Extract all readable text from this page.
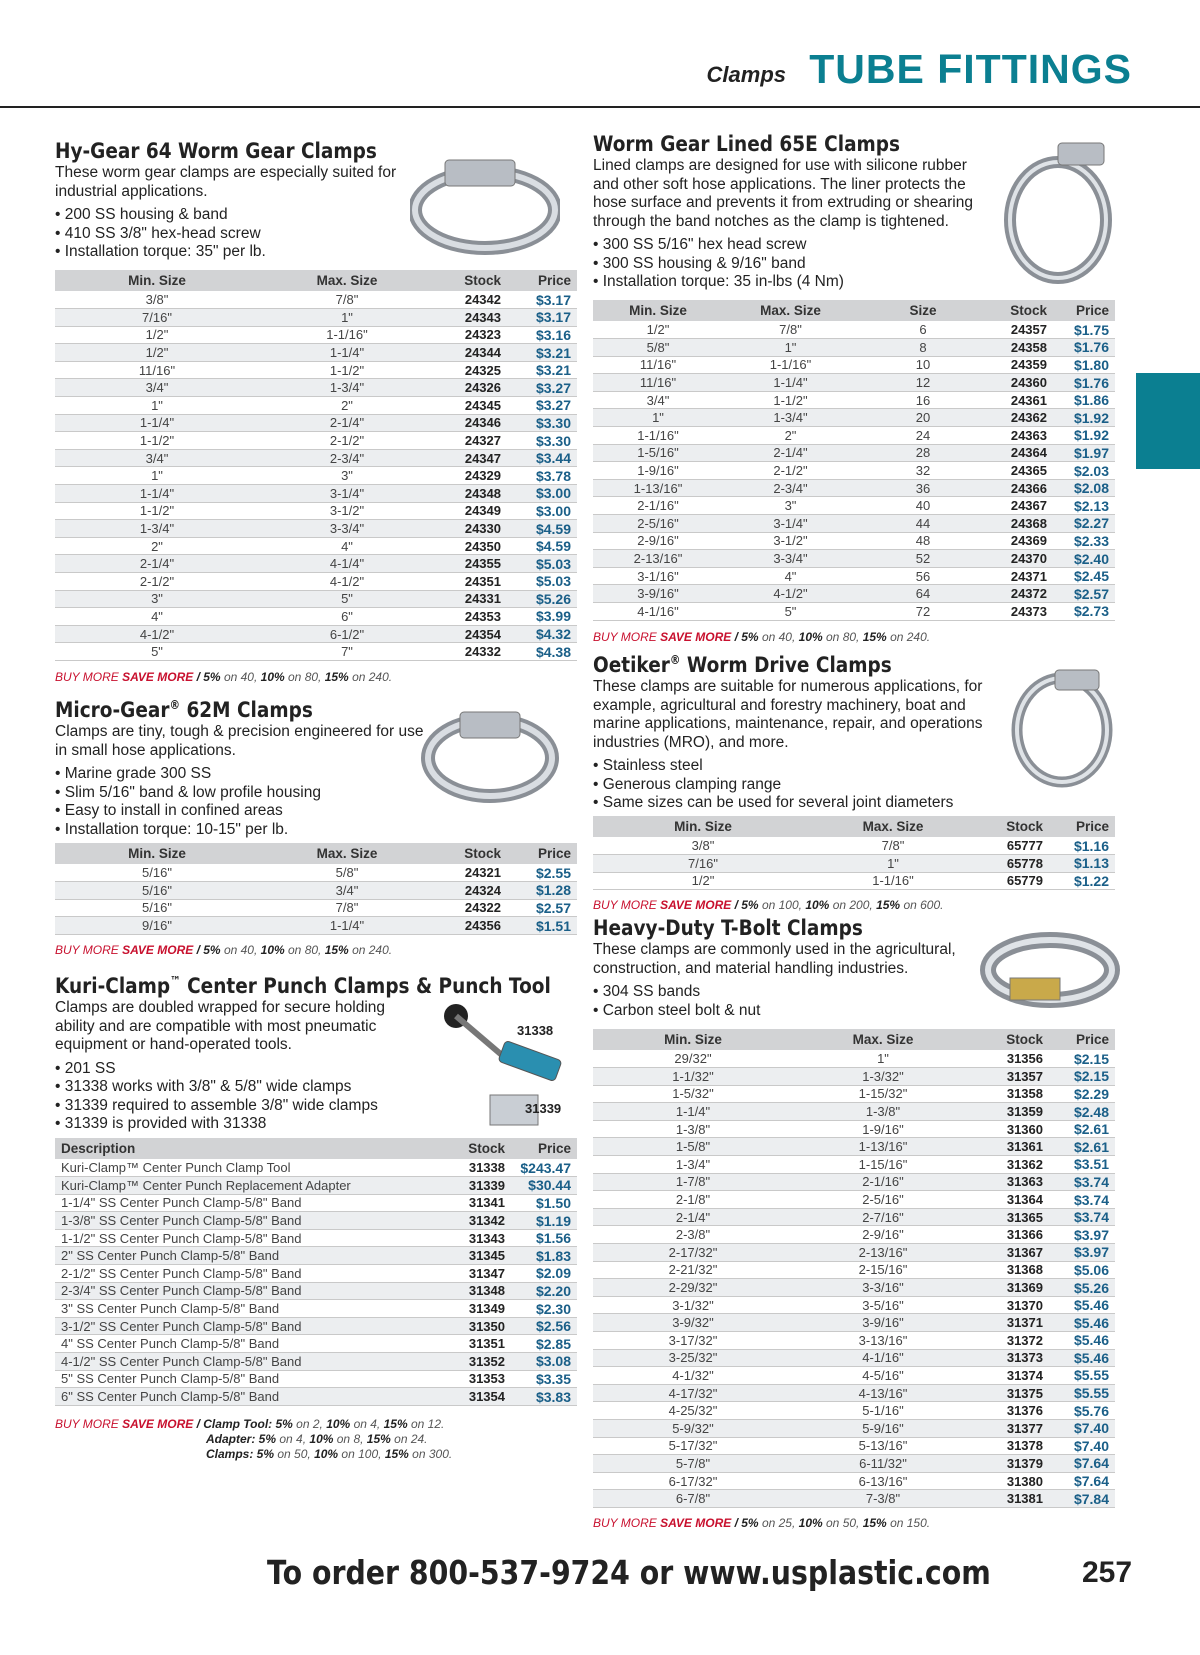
Clamps TUBE FITTINGS
Hy-Gear 64 Worm Gear Clamps

These worm gear clamps are especially suited for industrial applications.

• 200 SS housing & band
• 410 SS 3/8" hex-head screw
• Installation torque: 35" per lb.
Min. Size	Max. Size	Stock	Price
3/8"	7/8"	24342	$3.17
7/16"	1"	24343	$3.17
1/2"	1-1/16"	24323	$3.16
1/2"	1-1/4"	24344	$3.21
11/16"	1-1/2"	24325	$3.21
3/4"	1-3/4"	24326	$3.27
1"	2"	24345	$3.27
1-1/4"	2-1/4"	24346	$3.30
1-1/2"	2-1/2"	24327	$3.30
3/4"	2-3/4"	24347	$3.44
1"	3"	24329	$3.78
1-1/4"	3-1/4"	24348	$3.00
1-1/2"	3-1/2"	24349	$3.00
1-3/4"	3-3/4"	24330	$4.59
2"	4"	24350	$4.59
2-1/4"	4-1/4"	24355	$5.03
2-1/2"	4-1/2"	24351	$5.03
3"	5"	24331	$5.26
4"	6"	24353	$3.99
4-1/2"	6-1/2"	24354	$4.32
5"	7"	24332	$4.38
BUY MORE SAVE MORE / 5% on 40, 10% on 80, 15% on 240.
Micro-Gear® 62M Clamps

Clamps are tiny, tough & precision engineered for use in small hose applications.

• Marine grade 300 SS
• Slim 5/16" band & low profile housing
• Easy to install in confined areas
• Installation torque: 10-15" per lb.
Min. Size	Max. Size	Stock	Price
5/16"	5/8"	24321	$2.55
5/16"	3/4"	24324	$1.28
5/16"	7/8"	24322	$2.57
9/16"	1-1/4"	24356	$1.51
BUY MORE SAVE MORE / 5% on 40, 10% on 80, 15% on 240.
Kuri-Clamp™ Center Punch Clamps & Punch Tool

Clamps are doubled wrapped for secure holding ability and are compatible with most pneumatic equipment or hand-operated tools.

• 201 SS
• 31338 works with 3/8" & 5/8" wide clamps
• 31339 required to assemble 3/8" wide clamps
• 31339 is provided with 31338
31338
31339
Description	Stock	Price
Kuri-Clamp™ Center Punch Clamp Tool	31338	$243.47
Kuri-Clamp™ Center Punch Replacement Adapter	31339	$30.44
1-1/4" SS Center Punch Clamp-5/8" Band	31341	$1.50
1-3/8" SS Center Punch Clamp-5/8" Band	31342	$1.19
1-1/2" SS Center Punch Clamp-5/8" Band	31343	$1.56
2" SS Center Punch Clamp-5/8" Band	31345	$1.83
2-1/2" SS Center Punch Clamp-5/8" Band	31347	$2.09
2-3/4" SS Center Punch Clamp-5/8" Band	31348	$2.20
3" SS Center Punch Clamp-5/8" Band	31349	$2.30
3-1/2" SS Center Punch Clamp-5/8" Band	31350	$2.56
4" SS Center Punch Clamp-5/8" Band	31351	$2.85
4-1/2" SS Center Punch Clamp-5/8" Band	31352	$3.08
5" SS Center Punch Clamp-5/8" Band	31353	$3.35
6" SS Center Punch Clamp-5/8" Band	31354	$3.83
BUY MORE SAVE MORE / Clamp Tool: 5% on 2, 10% on 4, 15% on 12.
Adapter: 5% on 4, 10% on 8, 15% on 24.
Clamps: 5% on 50, 10% on 100, 15% on 300.
Worm Gear Lined 65E Clamps

Lined clamps are designed for use with silicone rubber and other soft hose applications. The liner protects the hose surface and prevents it from extruding or shearing through the band notches as the clamp is tightened.

• 300 SS 5/16" hex head screw
• 300 SS housing & 9/16" band
• Installation torque: 35 in-lbs (4 Nm)
Min. Size	Max. Size	Size	Stock	Price
1/2"	7/8"	6	24357	$1.75
5/8"	1"	8	24358	$1.76
11/16"	1-1/16"	10	24359	$1.80
11/16"	1-1/4"	12	24360	$1.76
3/4"	1-1/2"	16	24361	$1.86
1"	1-3/4"	20	24362	$1.92
1-1/16"	2"	24	24363	$1.92
1-5/16"	2-1/4"	28	24364	$1.97
1-9/16"	2-1/2"	32	24365	$2.03
1-13/16"	2-3/4"	36	24366	$2.08
2-1/16"	3"	40	24367	$2.13
2-5/16"	3-1/4"	44	24368	$2.27
2-9/16"	3-1/2"	48	24369	$2.33
2-13/16"	3-3/4"	52	24370	$2.40
3-1/16"	4"	56	24371	$2.45
3-9/16"	4-1/2"	64	24372	$2.57
4-1/16"	5"	72	24373	$2.73
BUY MORE SAVE MORE / 5% on 40, 10% on 80, 15% on 240.
Oetiker® Worm Drive Clamps

These clamps are suitable for numerous applications, for example, agricultural and forestry machinery, boat and marine applications, maintenance, repair, and operations industries (MRO), and more.

• Stainless steel
• Generous clamping range
• Same sizes can be used for several joint diameters
Min. Size	Max. Size	Stock	Price
3/8"	7/8"	65777	$1.16
7/16"	1"	65778	$1.13
1/2"	1-1/16"	65779	$1.22
BUY MORE SAVE MORE / 5% on 100, 10% on 200, 15% on 600.
Heavy-Duty T-Bolt Clamps

These clamps are commonly used in the agricultural, construction, and material handling industries.

• 304 SS bands
• Carbon steel bolt & nut
Min. Size	Max. Size	Stock	Price
29/32"	1"	31356	$2.15
1-1/32"	1-3/32"	31357	$2.15
1-5/32"	1-15/32"	31358	$2.29
1-1/4"	1-3/8"	31359	$2.48
1-3/8"	1-9/16"	31360	$2.61
1-5/8"	1-13/16"	31361	$2.61
1-3/4"	1-15/16"	31362	$3.51
1-7/8"	2-1/16"	31363	$3.74
2-1/8"	2-5/16"	31364	$3.74
2-1/4"	2-7/16"	31365	$3.74
2-3/8"	2-9/16"	31366	$3.97
2-17/32"	2-13/16"	31367	$3.97
2-21/32"	2-15/16"	31368	$5.06
2-29/32"	3-3/16"	31369	$5.26
3-1/32"	3-5/16"	31370	$5.46
3-9/32"	3-9/16"	31371	$5.46
3-17/32"	3-13/16"	31372	$5.46
3-25/32"	4-1/16"	31373	$5.46
4-1/32"	4-5/16"	31374	$5.55
4-17/32"	4-13/16"	31375	$5.55
4-25/32"	5-1/16"	31376	$5.76
5-9/32"	5-9/16"	31377	$7.40
5-17/32"	5-13/16"	31378	$7.40
5-7/8"	6-11/32"	31379	$7.64
6-17/32"	6-13/16"	31380	$7.64
6-7/8"	7-3/8"	31381	$7.84
BUY MORE SAVE MORE / 5% on 25, 10% on 50, 15% on 150.
To order 800-537-9724 or www.usplastic.com	257
